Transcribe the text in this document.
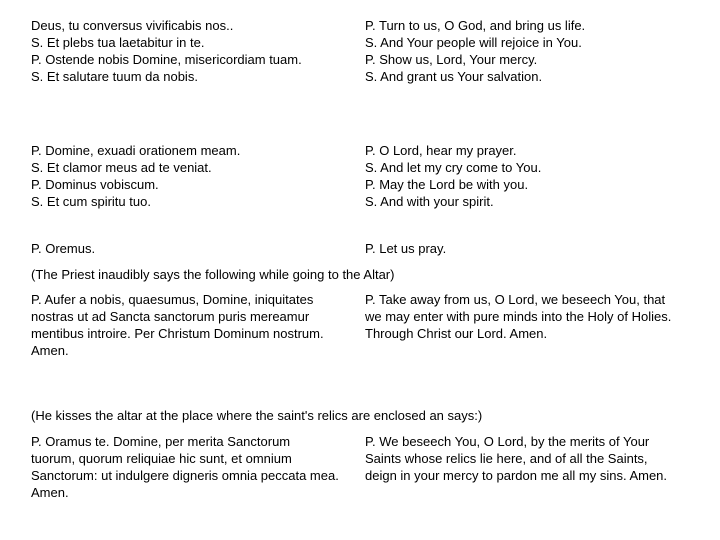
Deus, tu conversus vivificabis nos..
S. Et plebs tua laetabitur in te.
P. Ostende nobis Domine, misericordiam tuam.
S. Et salutare tuum da nobis.
P. Turn to us, O God, and bring us life.
S. And Your people will rejoice in You.
P. Show us, Lord, Your mercy.
S. And grant us Your salvation.
P. Domine, exuadi orationem meam.
S. Et clamor meus ad te veniat.
P. Dominus vobiscum.
S. Et cum spiritu tuo.
P. O Lord, hear my prayer.
S. And let my cry come to You.
P. May the Lord be with you.
S. And with your spirit.
P. Oremus.	P. Let us pray.
(The Priest inaudibly says the following while going to the Altar)
P. Aufer a nobis, quaesumus, Domine, iniquitates
nostras ut ad Sancta sanctorum puris mereamur
mentibus introire. Per Christum Dominum nostrum.
Amen.
P. Take away from us, O Lord, we beseech You, that
we may enter with pure minds into the Holy of Holies.
Through Christ our Lord. Amen.
(He kisses the altar at the place where the saint's relics are enclosed an says:)
P. Oramus te. Domine, per merita Sanctorum
tuorum, quorum reliquiae hic sunt, et omnium
Sanctorum: ut indulgere digneris omnia peccata mea.
Amen.
P. We beseech You, O Lord, by the merits of Your
Saints whose relics lie here, and of all the Saints,
deign in your mercy to pardon me all my sins. Amen.
